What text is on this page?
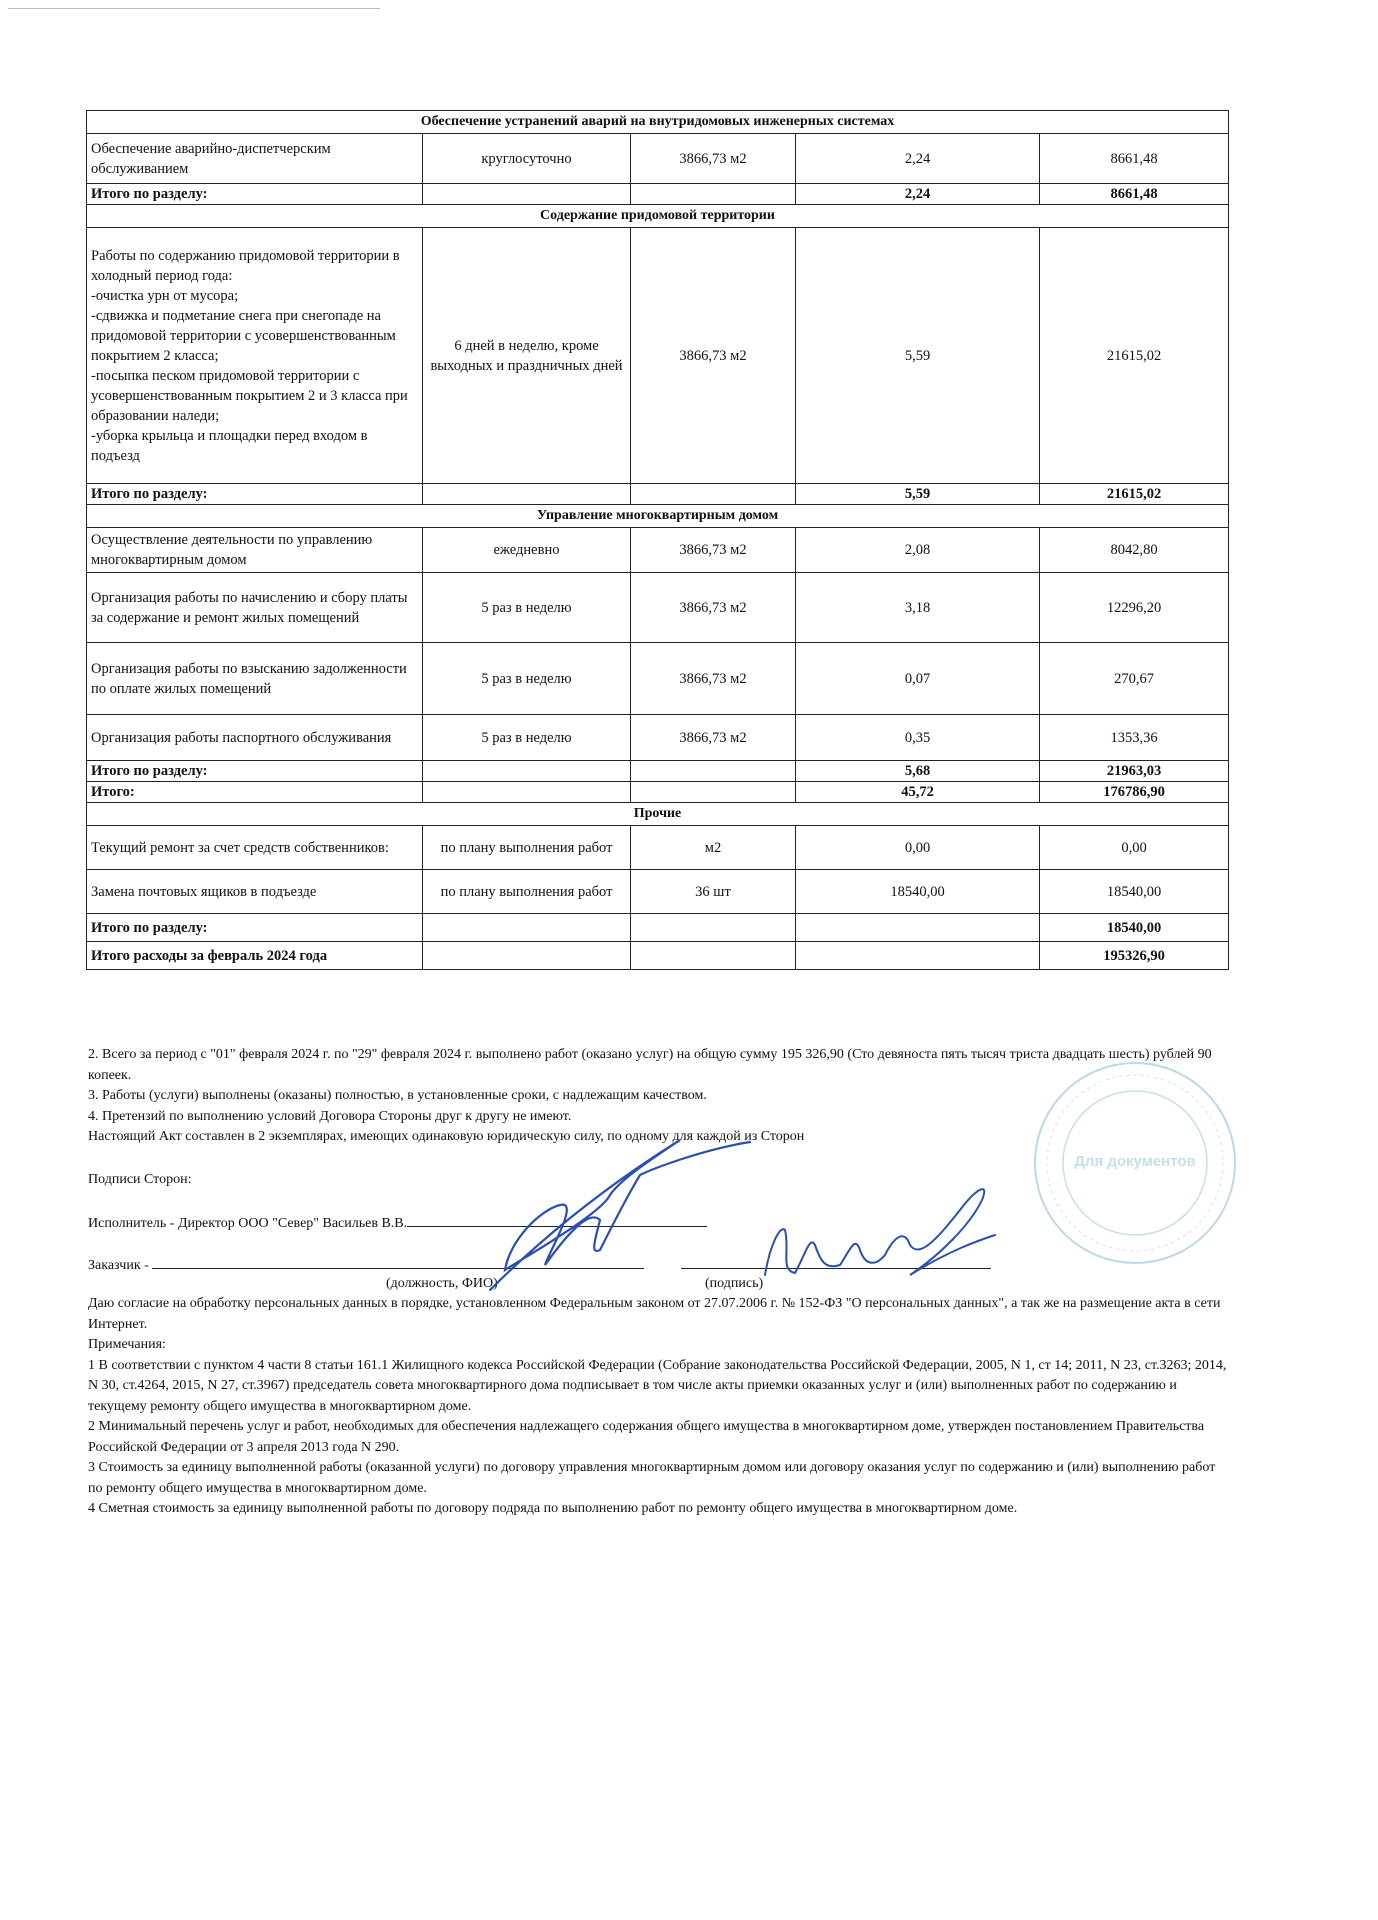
Обеспечение устранений аварий на внутридомовых инженерных системах				
Обеспечение аварийно-диспетчерским обслуживанием	круглосуточно	3866,73 м2	2,24	8661,48
Итого по разделу:			2,24	8661,48
Содержание придомовой территории				
Работы по содержанию придомовой территории в холодный период года:
-очистка урн от мусора;
-сдвижка и подметание снега при снегопаде на придомовой территории с усовершенствованным покрытием 2 класса;
-посыпка песком придомовой территории с усовершенствованным покрытием 2 и 3 класса при образовании наледи;
-уборка крыльца и площадки перед входом в подъезд	6 дней в неделю, кроме выходных и праздничных дней	3866,73 м2	5,59	21615,02
Итого по разделу:			5,59	21615,02
Управление многоквартирным домом				
Осуществление деятельности по управлению многоквартирным домом	ежедневно	3866,73 м2	2,08	8042,80
Организация работы по начислению и сбору платы за содержание и ремонт жилых помещений	5 раз в неделю	3866,73 м2	3,18	12296,20
Организация работы по взысканию задолженности по оплате жилых помещений	5 раз в неделю	3866,73 м2	0,07	270,67
Организация работы паспортного обслуживания	5 раз в неделю	3866,73 м2	0,35	1353,36
Итого по разделу:			5,68	21963,03
Итого:			45,72	176786,90
Прочие				
Текущий ремонт за счет средств собственников:	по плану выполнения работ	м2	0,00	0,00
Замена почтовых ящиков в подъезде	по плану выполнения работ	36 шт	18540,00	18540,00
Итого по разделу:				18540,00
Итого расходы за февраль 2024 года				195326,90

2. Всего за период с "01" февраля 2024 г. по "29" февраля 2024 г. выполнено работ (оказано услуг) на общую сумму 195 326,90 (Сто девяноста пять тысяч триста двадцать шесть) рублей 90 копеек.

3. Работы (услуги) выполнены (оказаны) полностью, в установленные сроки, с надлежащим качеством.

4. Претензий по выполнению условий Договора Стороны друг к другу не имеют.

Настоящий Акт составлен в 2 экземплярах, имеющих одинаковую юридическую силу, по одному для каждой из Сторон

Подписи Сторон:

Исполнитель - Директор ООО "Север" Васильев В.В.

Заказчик -

(должность, ФИО)	(подпись)

Даю согласие на обработку персональных данных в порядке, установленном Федеральным законом от 27.07.2006 г. № 152-ФЗ "О персональных данных", а так же на размещение акта в сети Интернет.

Примечания:

1 В соответствии с пунктом 4 части 8 статьи 161.1 Жилищного кодекса Российской Федерации (Собрание законодательства Российской Федерации, 2005, N 1, ст 14; 2011, N 23, ст.3263; 2014, N 30, ст.4264, 2015, N 27, ст.3967) председатель совета многоквартирного дома подписывает в том числе акты приемки оказанных услуг и (или) выполненных работ по содержанию и текущему ремонту общего имущества в многоквартирном доме.

2 Минимальный перечень услуг и работ, необходимых для обеспечения надлежащего содержания общего имущества в многоквартирном доме, утвержден постановлением Правительства Российской Федерации от 3 апреля 2013 года N 290.

3 Стоимость за единицу выполненной работы (оказанной услуги) по договору управления многоквартирным домом или договору оказания услуг по содержанию и (или) выполнению работ по ремонту общего имущества в многоквартирном доме.

4 Сметная стоимость за единицу выполненной работы по договору подряда по выполнению работ по ремонту общего имущества в многоквартирном доме.

Для документов
